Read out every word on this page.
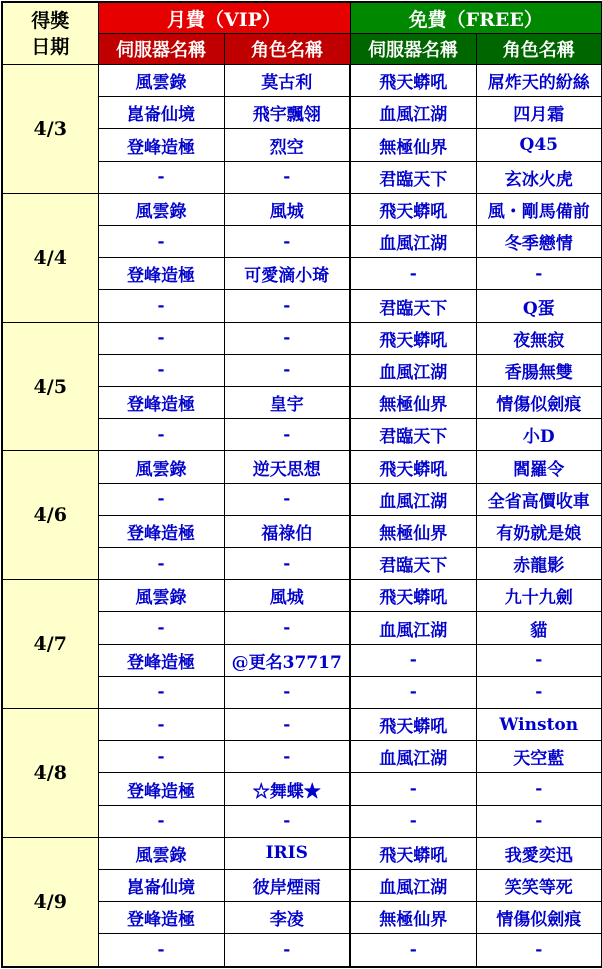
得獎
日期	月費（VIP）		免費（FREE）	
	伺服器名稱	角色名稱	伺服器名稱	角色名稱
4/3	風雲錄	莫古利	飛天蟒吼	屌炸天的紛絲
	崑崙仙境	飛宇飄翎	血風江湖	四月霜
	登峰造極	烈空	無極仙界	Q45
	-	-	君臨天下	玄冰火虎
4/4	風雲錄	風城	飛天蟒吼	風・剛馬備前
	-	-	血風江湖	冬季戀情
	登峰造極	可愛滴小琦	-	-
	-	-	君臨天下	Q蛋
4/5	-	-	飛天蟒吼	夜無寂
	-	-	血風江湖	香腸無雙
	登峰造極	皇宇	無極仙界	情傷似劍痕
	-	-	君臨天下	小D
4/6	風雲錄	逆天思想	飛天蟒吼	閻羅令
	-	-	血風江湖	全省高價收車
	登峰造極	福祿伯	無極仙界	有奶就是娘
	-	-	君臨天下	赤龍影
4/7	風雲錄	風城	飛天蟒吼	九十九劍
	-	-	血風江湖	貓
	登峰造極	@更名37717	-	-
	-	-	-	-
4/8	-	-	飛天蟒吼	Winston
	-	-	血風江湖	天空藍
	登峰造極	☆舞蝶★	-	-
	-	-	-	-
4/9	風雲錄	IRIS	飛天蟒吼	我愛奕迅
	崑崙仙境	彼岸煙雨	血風江湖	笑笑等死
	登峰造極	李凌	無極仙界	情傷似劍痕
	-	-	-	-
